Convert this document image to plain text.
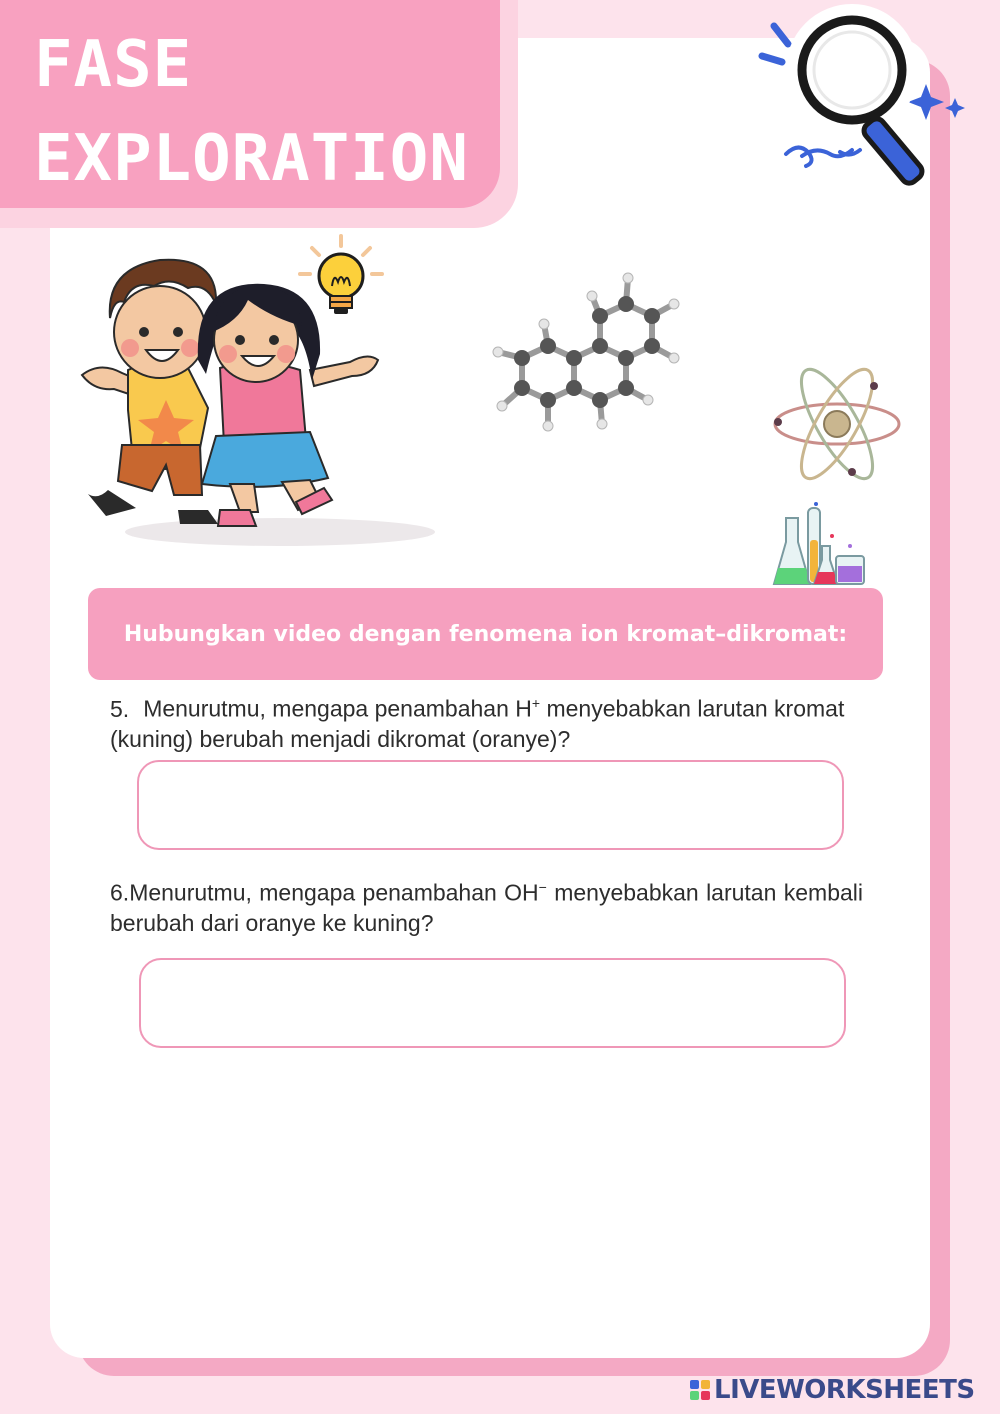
FASE
EXPLORATION
Hubungkan video dengan fenomena ion kromat–dikromat:

5. Menurutmu, mengapa penambahan H+ menyebabkan larutan kromat (kuning) berubah menjadi dikromat (oranye)?

6.Menurutmu, mengapa penambahan OH− menyebabkan larutan kembali berubah dari oranye ke kuning?

LIVEWORKSHEETS
